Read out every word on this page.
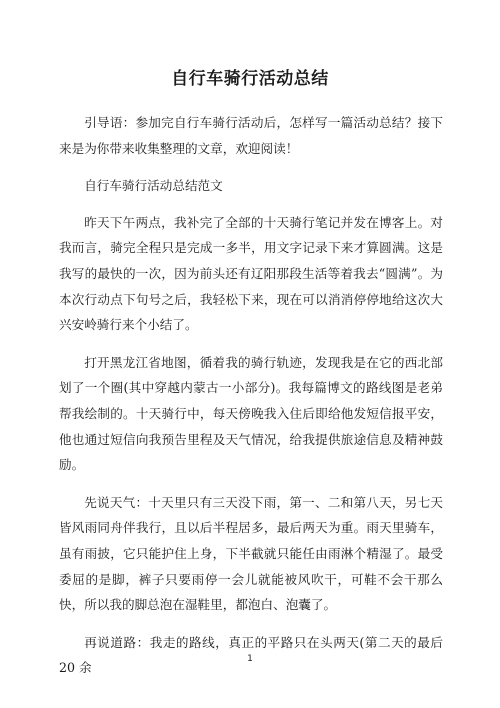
自行车骑行活动总结

引导语：参加完自行车骑行活动后，怎样写一篇活动总结？接下来是为你带来收集整理的文章，欢迎阅读！

自行车骑行活动总结范文

昨天下午两点，我补完了全部的十天骑行笔记并发在博客上。对我而言，骑完全程只是完成一多半，用文字记录下来才算圆满。这是我写的最快的一次，因为前头还有辽阳那段生活等着我去“圆满”。为本次行动点下句号之后，我轻松下来，现在可以消消停停地给这次大兴安岭骑行来个小结了。

打开黑龙江省地图，循着我的骑行轨迹，发现我是在它的西北部划了一个圈(其中穿越内蒙古一小部分)。我每篇博文的路线图是老弟帮我绘制的。十天骑行中，每天傍晚我入住后即给他发短信报平安，他也通过短信向我预告里程及天气情况，给我提供旅途信息及精神鼓励。

先说天气：十天里只有三天没下雨，第一、二和第八天，另七天皆风雨同舟伴我行，且以后半程居多，最后两天为重。雨天里骑车，虽有雨披，它只能护住上身，下半截就只能任由雨淋个精湿了。最受委屈的是脚，裤子只要雨停一会儿就能被风吹干，可鞋不会干那么快，所以我的脚总泡在湿鞋里，都泡白、泡囊了。

再说道路：我走的路线，真正的平路只在头两天(第二天的最后 20 余

1
